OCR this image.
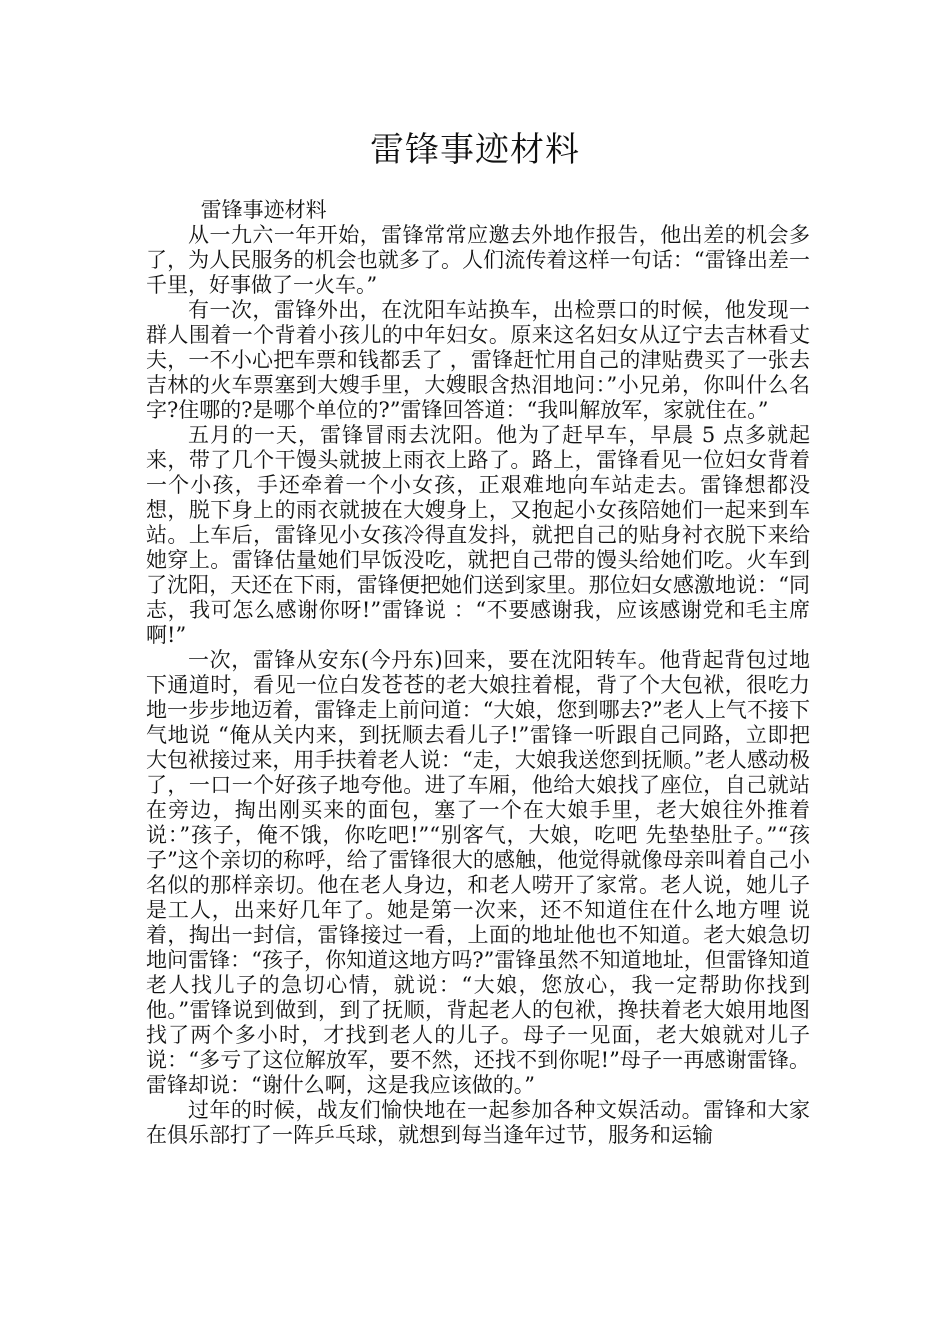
雷锋事迹材料

雷锋事迹材料

从一九六一年开始，雷锋常常应邀去外地作报告，他出差的机会多了，为人民服务的机会也就多了。人们流传着这样一句话：“雷锋出差一千里，好事做了一火车。”

有一次，雷锋外出，在沈阳车站换车，出检票口的时候，他发现一群人围着一个背着小孩儿的中年妇女。原来这名妇女从辽宁去吉林看丈夫，一不小心把车票和钱都丢了 ，雷锋赶忙用自己的津贴费买了一张去吉林的火车票塞到大嫂手里，大嫂眼含热泪地问：”小兄弟，你叫什么名字?住哪的?是哪个单位的?”雷锋回答道：“我叫解放军，家就住在。”

五月的一天，雷锋冒雨去沈阳。他为了赶早车，早晨 5 点多就起来，带了几个干馒头就披上雨衣上路了。路上，雷锋看见一位妇女背着一个小孩，手还牵着一个小女孩，正艰难地向车站走去。雷锋想都没想，脱下身上的雨衣就披在大嫂身上，又抱起小女孩陪她们一起来到车站。上车后，雷锋见小女孩冷得直发抖，就把自己的贴身衬衣脱下来给她穿上。雷锋估量她们早饭没吃，就把自己带的馒头给她们吃。火车到了沈阳，天还在下雨，雷锋便把她们送到家里。那位妇女感激地说：“同志，我可怎么感谢你呀!”雷锋说 ：“不要感谢我，应该感谢党和毛主席啊!”

一次，雷锋从安东(今丹东)回来，要在沈阳转车。他背起背包过地下通道时，看见一位白发苍苍的老大娘拄着棍，背了个大包袱，很吃力地一步步地迈着，雷锋走上前问道：“大娘，您到哪去?”老人上气不接下气地说 “俺从关内来，到抚顺去看儿子!”雷锋一听跟自己同路，立即把大包袱接过来，用手扶着老人说：“走，大娘我送您到抚顺。”老人感动极了，一口一个好孩子地夸他。进了车厢，他给大娘找了座位，自己就站在旁边，掏出刚买来的面包，塞了一个在大娘手里，老大娘往外推着说：”孩子，俺不饿，你吃吧!”“别客气，大娘，吃吧 先垫垫肚子。”“孩子”这个亲切的称呼，给了雷锋很大的感触，他觉得就像母亲叫着自己小名似的那样亲切。他在老人身边，和老人唠开了家常。老人说，她儿子是工人，出来好几年了。她是第一次来，还不知道住在什么地方哩 说着，掏出一封信，雷锋接过一看，上面的地址他也不知道。老大娘急切地问雷锋：“孩子，你知道这地方吗?”雷锋虽然不知道地址，但雷锋知道老人找儿子的急切心情，就说：“大娘，您放心，我一定帮助你找到他。”雷锋说到做到，到了抚顺，背起老人的包袱，搀扶着老大娘用地图找了两个多小时，才找到老人的儿子。母子一见面，老大娘就对儿子说：“多亏了这位解放军，要不然，还找不到你呢!”母子一再感谢雷锋。雷锋却说：“谢什么啊，这是我应该做的。”

过年的时候，战友们愉快地在一起参加各种文娱活动。雷锋和大家在俱乐部打了一阵乒乓球，就想到每当逢年过节，服务和运输
